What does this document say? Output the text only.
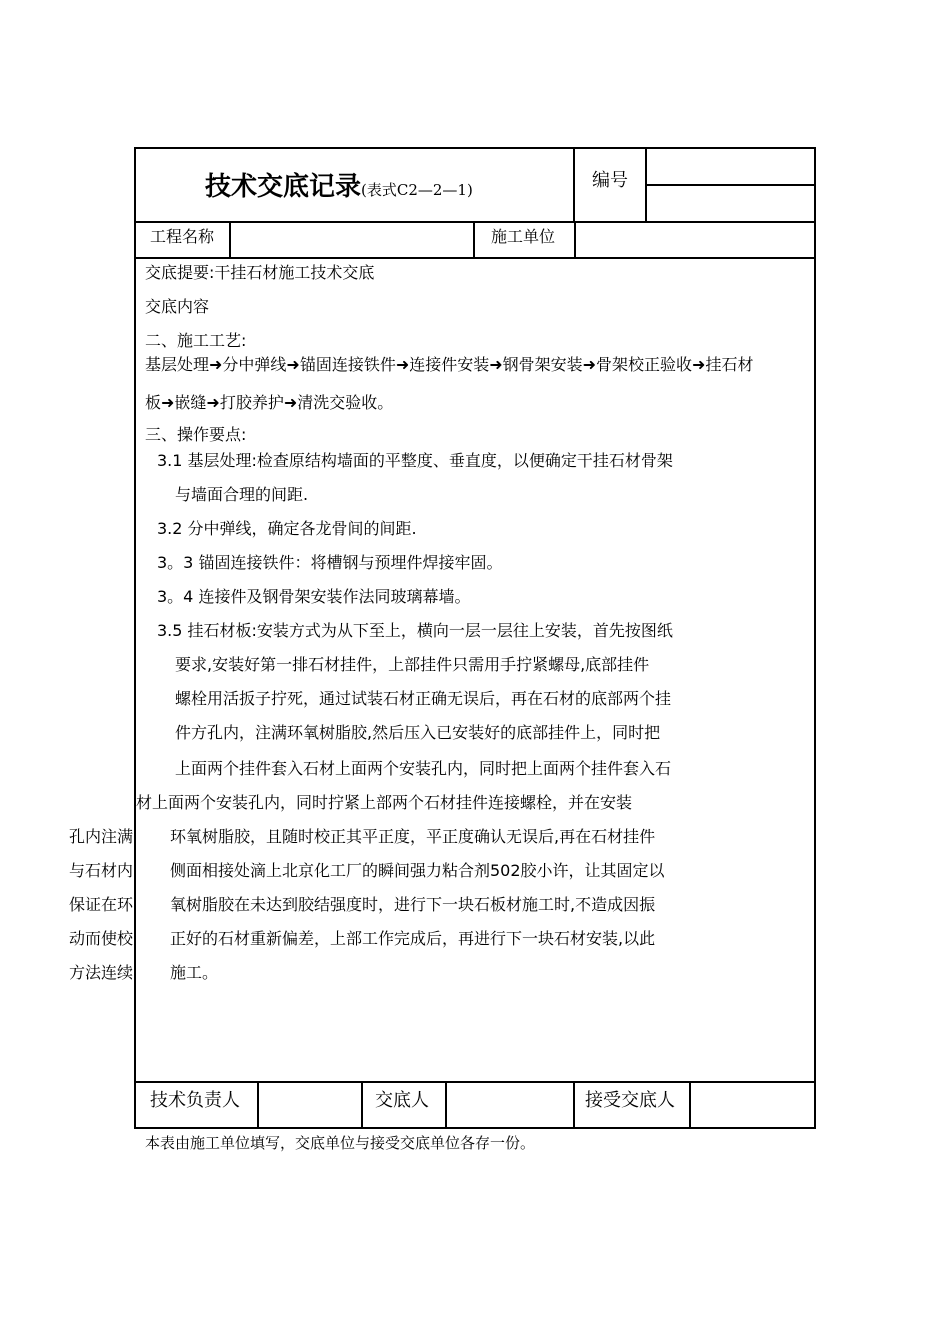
技术交底记录(表式C2—2—1)	编号
工程名称	施工单位
交底提要:干挂石材施工技术交底
交底内容
二、施工工艺:
基层处理➜分中弹线➜锚固连接铁件➜连接件安装➜钢骨架安装➜骨架校正验收➜挂石材
板➜嵌缝➜打胶养护➜清洗交验收。
三、操作要点:
3.1 基层处理:检查原结构墙面的平整度、垂直度，以便确定干挂石材骨架
与墙面合理的间距.
3.2 分中弹线，确定各龙骨间的间距.
3。3 锚固连接铁件：将槽钢与预埋件焊接牢固。
3。4 连接件及钢骨架安装作法同玻璃幕墙。
3.5 挂石材板:安装方式为从下至上，横向一层一层往上安装，首先按图纸
要求,安装好第一排石材挂件，上部挂件只需用手拧紧螺母,底部挂件
螺栓用活扳子拧死，通过试装石材正确无误后，再在石材的底部两个挂
件方孔内，注满环氧树脂胶,然后压入已安装好的底部挂件上，同时把
上面两个挂件套入石材上面两个安装孔内，同时把上面两个挂件套入石
材上面两个安装孔内，同时拧紧上部两个石材挂件连接螺栓，并在安装
孔内注满 环氧树脂胶，且随时校正其平正度，平正度确认无误后,再在石材挂件
与石材内 侧面相接处滴上北京化工厂的瞬间强力粘合剂502胶小许，让其固定以
保证在环 氧树脂胶在未达到胶结强度时，进行下一块石板材施工时,不造成因振
动而使校 正好的石材重新偏差，上部工作完成后，再进行下一块石材安装,以此
方法连续 施工。
技术负责人	交底人	接受交底人
本表由施工单位填写，交底单位与接受交底单位各存一份。
